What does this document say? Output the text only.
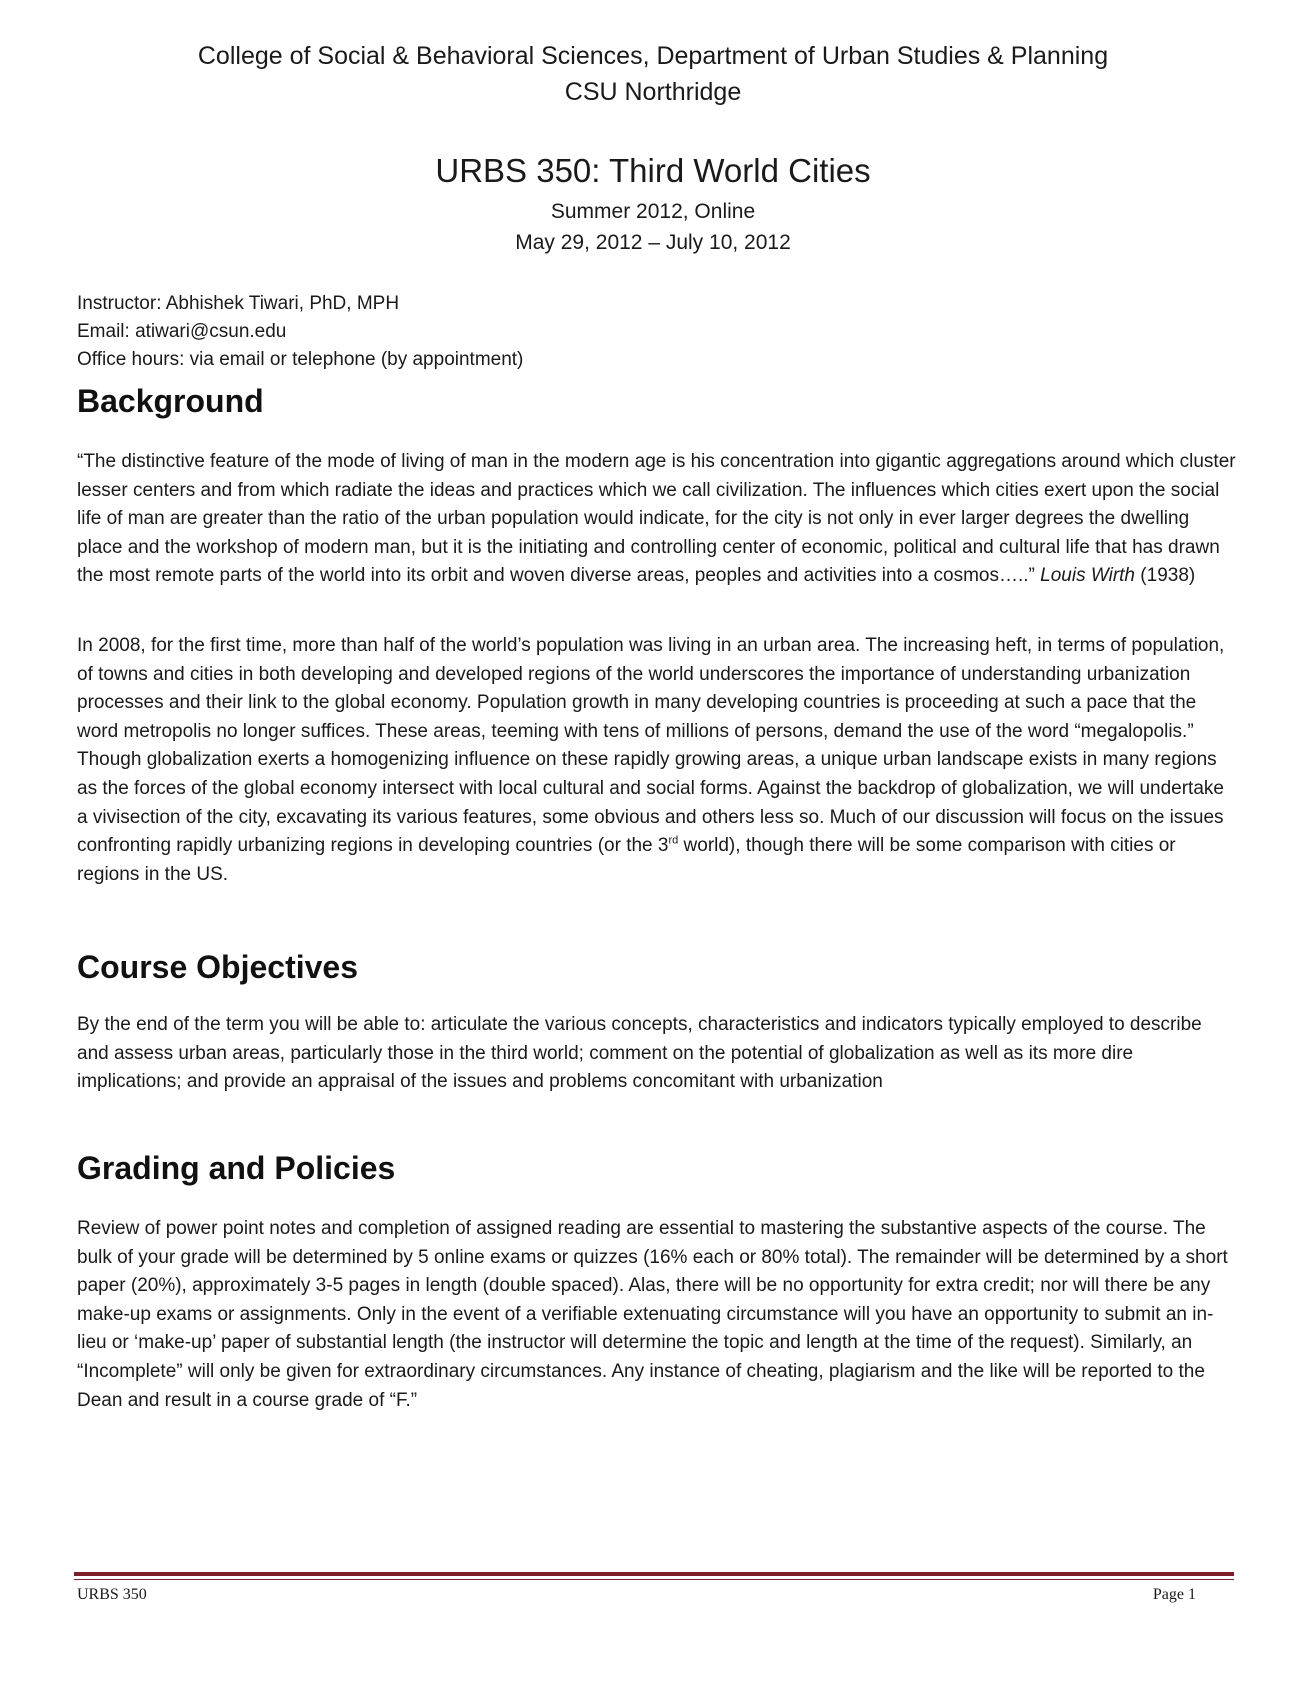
College of Social & Behavioral Sciences, Department of Urban Studies & Planning
CSU Northridge
URBS 350: Third World Cities
Summer 2012, Online
May 29, 2012 – July 10, 2012
Instructor: Abhishek Tiwari, PhD, MPH
Email: atiwari@csun.edu
Office hours: via email or telephone (by appointment)
Background

“The distinctive feature of the mode of living of man in the modern age is his concentration into gigantic aggregations around which cluster lesser centers and from which radiate the ideas and practices which we call civilization. The influences which cities exert upon the social life of man are greater than the ratio of the urban population would indicate, for the city is not only in ever larger degrees the dwelling place and the workshop of modern man, but it is the initiating and controlling center of economic, political and cultural life that has drawn the most remote parts of the world into its orbit and woven diverse areas, peoples and activities into a cosmos…..” Louis Wirth (1938)

In 2008, for the first time, more than half of the world’s population was living in an urban area. The increasing heft, in terms of population, of towns and cities in both developing and developed regions of the world underscores the importance of understanding urbanization processes and their link to the global economy. Population growth in many developing countries is proceeding at such a pace that the word metropolis no longer suffices. These areas, teeming with tens of millions of persons, demand the use of the word “megalopolis.” Though globalization exerts a homogenizing influence on these rapidly growing areas, a unique urban landscape exists in many regions as the forces of the global economy intersect with local cultural and social forms. Against the backdrop of globalization, we will undertake a vivisection of the city, excavating its various features, some obvious and others less so. Much of our discussion will focus on the issues confronting rapidly urbanizing regions in developing countries (or the 3rd world), though there will be some comparison with cities or regions in the US.

Course Objectives

By the end of the term you will be able to: articulate the various concepts, characteristics and indicators typically employed to describe and assess urban areas, particularly those in the third world; comment on the potential of globalization as well as its more dire implications; and provide an appraisal of the issues and problems concomitant with urbanization

Grading and Policies

Review of power point notes and completion of assigned reading are essential to mastering the substantive aspects of the course. The bulk of your grade will be determined by 5 online exams or quizzes (16% each or 80% total). The remainder will be determined by a short paper (20%), approximately 3-5 pages in length (double spaced). Alas, there will be no opportunity for extra credit; nor will there be any make-up exams or assignments. Only in the event of a verifiable extenuating circumstance will you have an opportunity to submit an in-lieu or ‘make-up’ paper of substantial length (the instructor will determine the topic and length at the time of the request). Similarly, an “Incomplete” will only be given for extraordinary circumstances. Any instance of cheating, plagiarism and the like will be reported to the Dean and result in a course grade of “F.”

URBS 350	Page 1
